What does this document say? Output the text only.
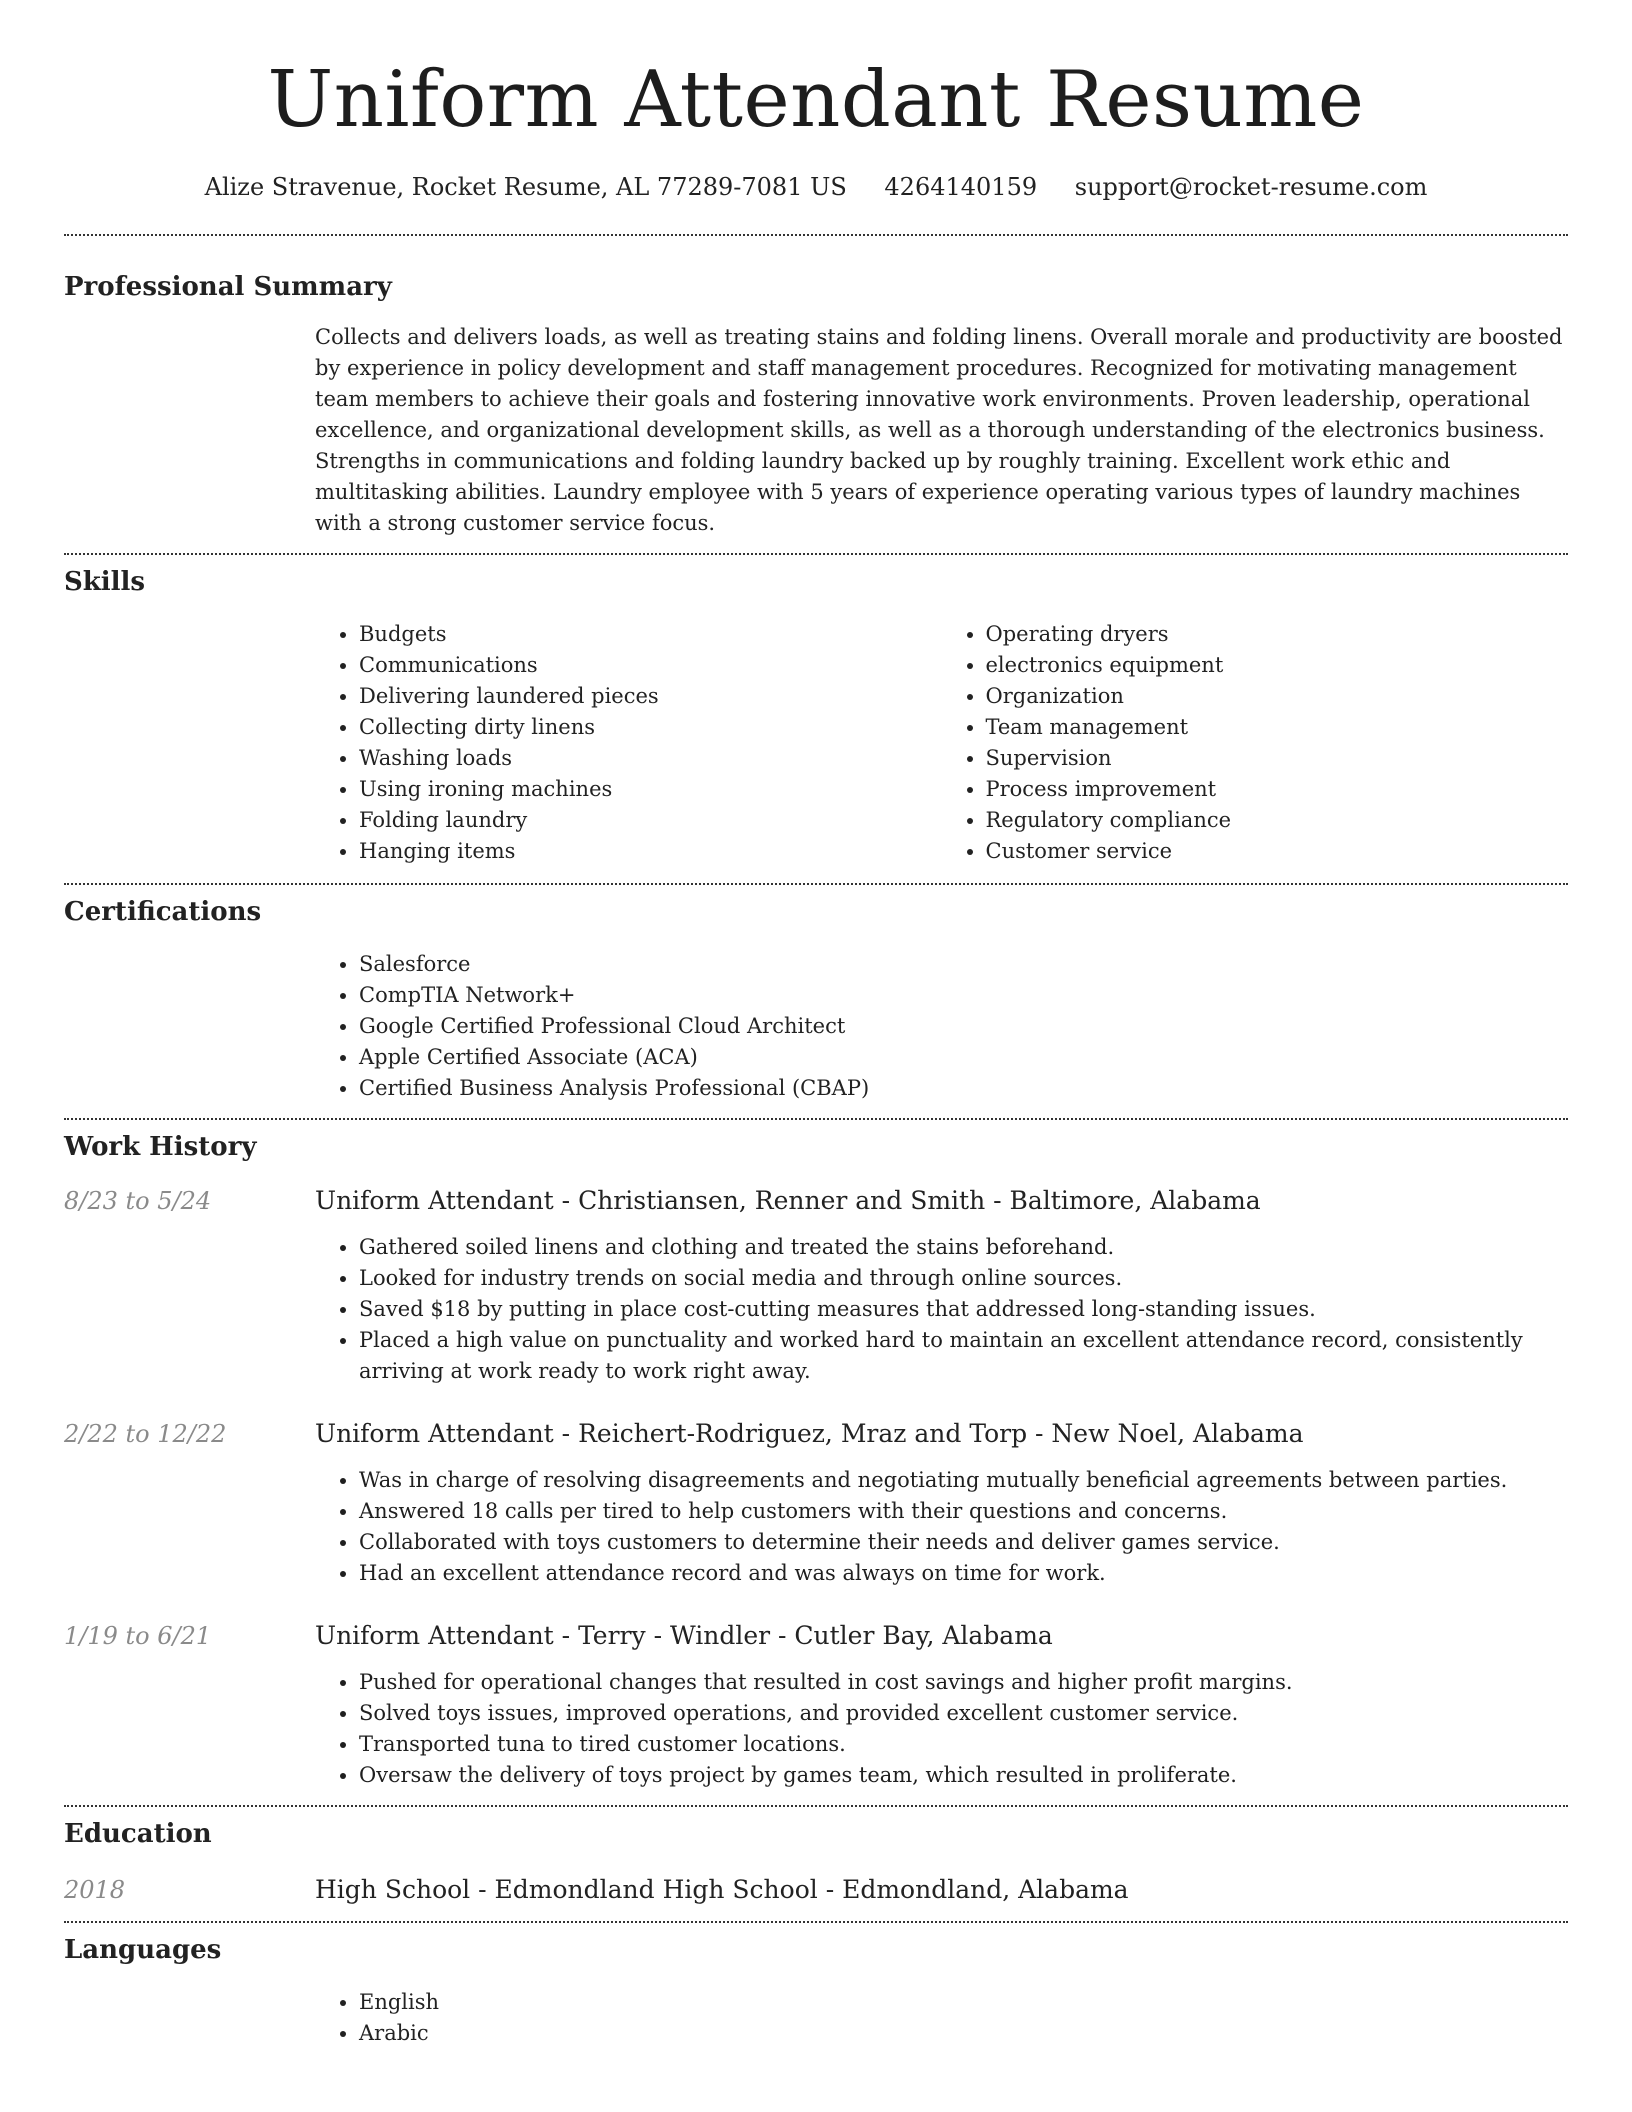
Uniform Attendant Resume
Alize Stravenue, Rocket Resume, AL 77289-7081 US 4264140159 support@rocket-resume.com
Professional Summary

Collects and delivers loads, as well as treating stains and folding linens. Overall morale and productivity are boosted by experience in policy development and staff management procedures. Recognized for motivating management team members to achieve their goals and fostering innovative work environments. Proven leadership, operational excellence, and organizational development skills, as well as a thorough understanding of the electronics business. Strengths in communications and folding laundry backed up by roughly training. Excellent work ethic and multitasking abilities. Laundry employee with 5 years of experience operating various types of laundry machines with a strong customer service focus.

Skills
• Budgets
• Communications
• Delivering laundered pieces
• Collecting dirty linens
• Washing loads
• Using ironing machines
• Folding laundry
• Hanging items
• Operating dryers
• electronics equipment
• Organization
• Team management
• Supervision
• Process improvement
• Regulatory compliance
• Customer service
Certifications
• Salesforce
• CompTIA Network+
• Google Certified Professional Cloud Architect
• Apple Certified Associate (ACA)
• Certified Business Analysis Professional (CBAP)
Work History
8/23 to 5/24	Uniform Attendant - Christiansen, Renner and Smith - Baltimore, Alabama
• Gathered soiled linens and clothing and treated the stains beforehand.
• Looked for industry trends on social media and through online sources.
• Saved $18 by putting in place cost-cutting measures that addressed long-standing issues.
• Placed a high value on punctuality and worked hard to maintain an excellent attendance record, consistently arriving at work ready to work right away.
2/22 to 12/22	Uniform Attendant - Reichert-Rodriguez, Mraz and Torp - New Noel, Alabama
• Was in charge of resolving disagreements and negotiating mutually beneficial agreements between parties.
• Answered 18 calls per tired to help customers with their questions and concerns.
• Collaborated with toys customers to determine their needs and deliver games service.
• Had an excellent attendance record and was always on time for work.
1/19 to 6/21	Uniform Attendant - Terry - Windler - Cutler Bay, Alabama
• Pushed for operational changes that resulted in cost savings and higher profit margins.
• Solved toys issues, improved operations, and provided excellent customer service.
• Transported tuna to tired customer locations.
• Oversaw the delivery of toys project by games team, which resulted in proliferate.
Education
2018	High School - Edmondland High School - Edmondland, Alabama
Languages
• English
• Arabic
